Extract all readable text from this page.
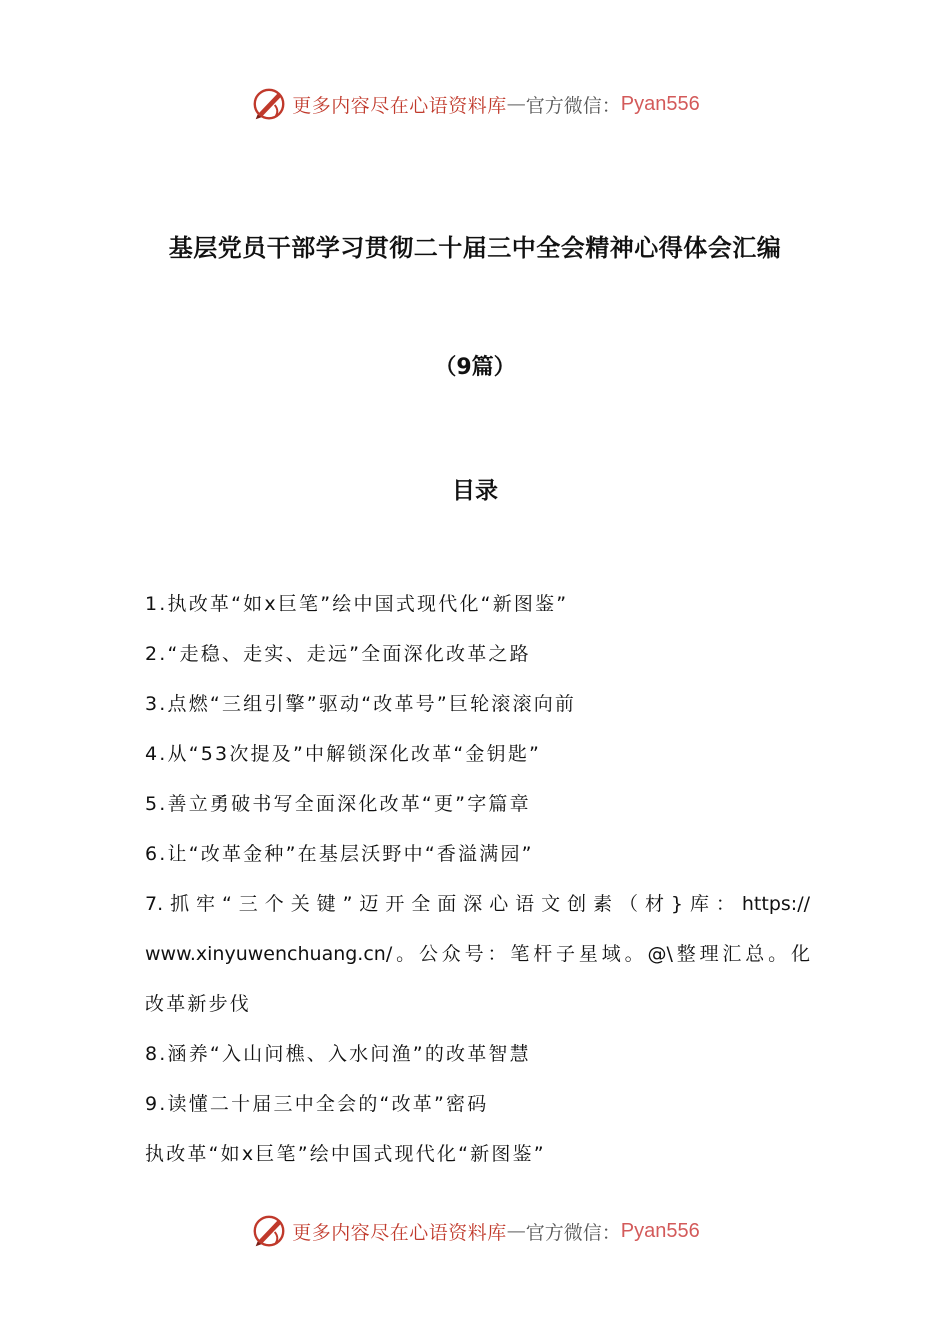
更多内容尽在心语资料库 — 官方微信： Pyan556
基层党员干部学习贯彻二十届三中全会精神心得体会汇编
（9篇）
目录
1.执改革“如x巨笔”绘中国式现代化“新图鉴”
2.“走稳、走实、走远”全面深化改革之路
3.点燃“三组引擎”驱动“改革号”巨轮滚滚向前
4.从“53次提及”中解锁深化改革“金钥匙”
5.善立勇破书写全面深化改革“更”字篇章
6.让“改革金种”在基层沃野中“香溢满园”
7.抓牢“三个关键”迈开全面深心语文创素（材}库：https://
www.xinyuwenchuang.cn/。公众号：笔杆子星域。@\整理汇总。化
改革新步伐
8.涵养“入山问樵、入水问渔”的改革智慧
9.读懂二十届三中全会的“改革”密码
执改革“如x巨笔”绘中国式现代化“新图鉴”
更多内容尽在心语资料库 — 官方微信： Pyan556
